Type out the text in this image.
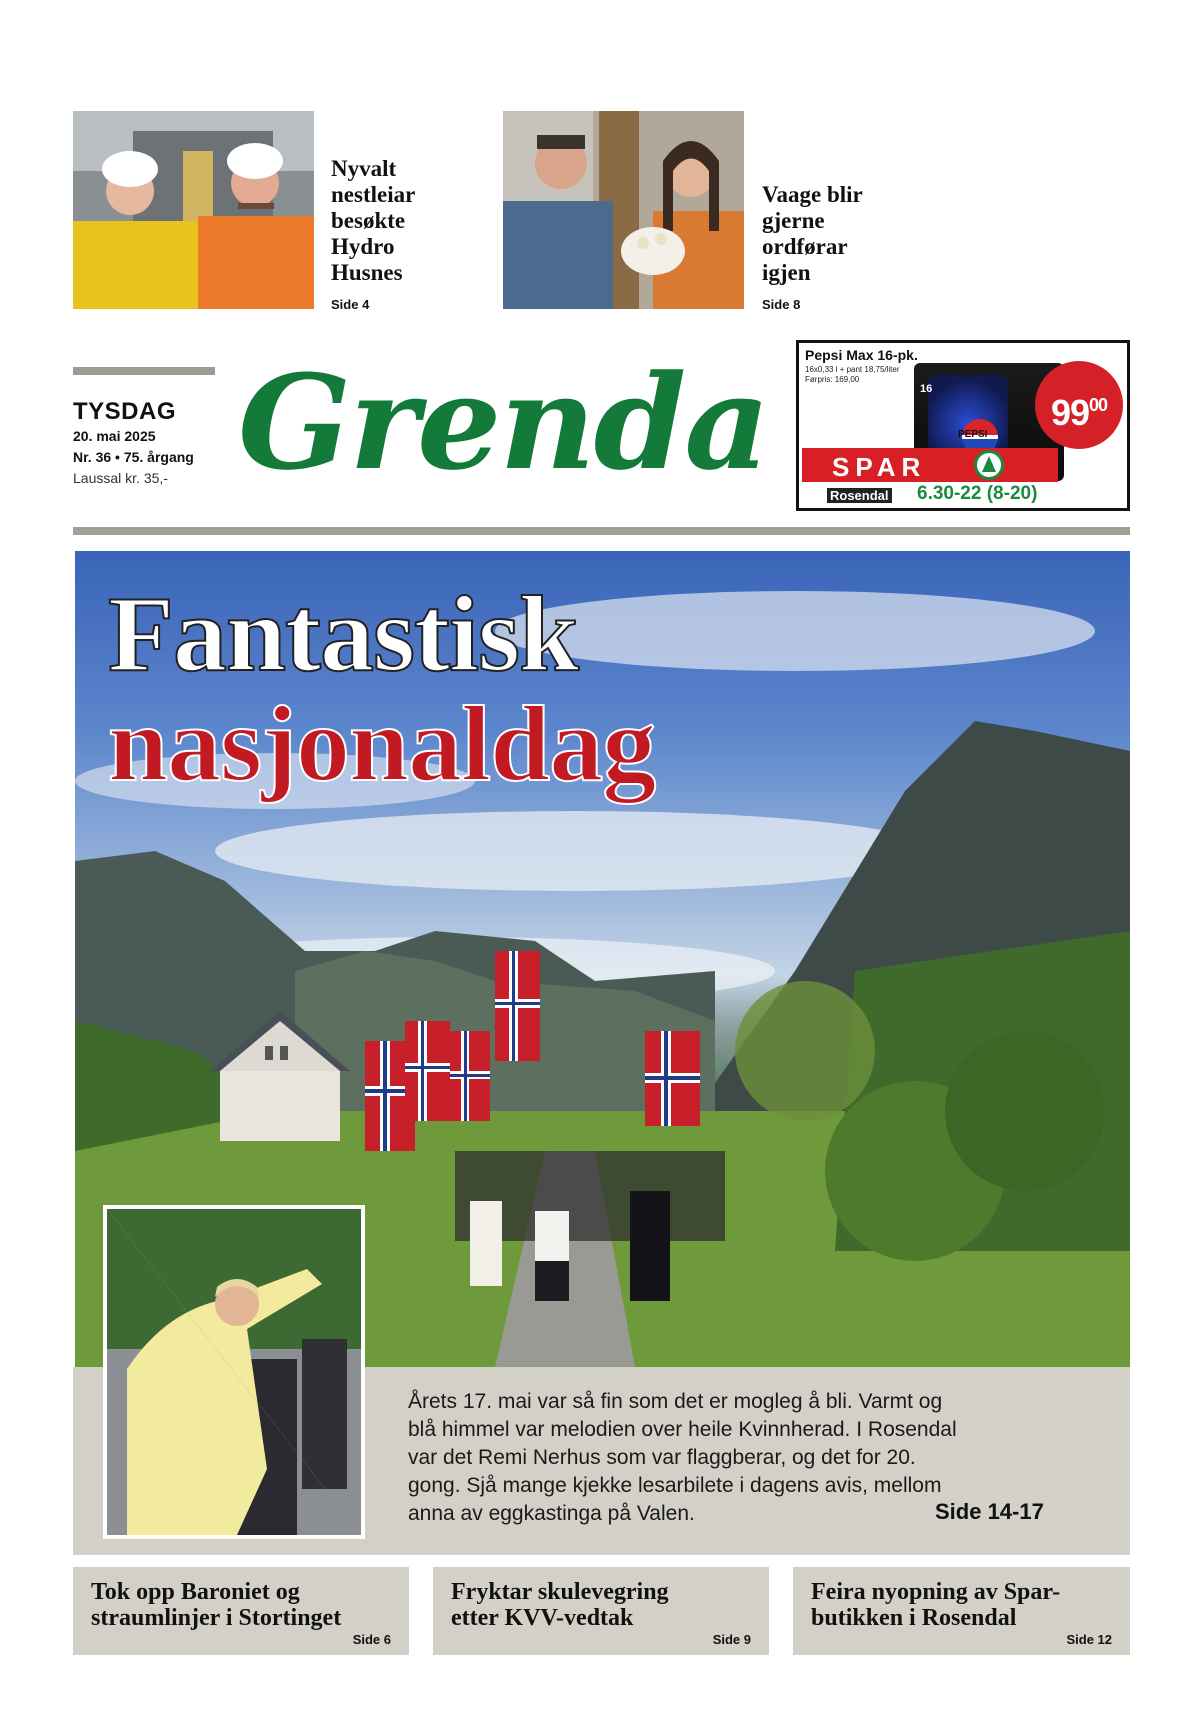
Nyvalt
nestleiar
besøkte
Hydro
Husnes
Side 4
Vaage blir
gjerne
ordførar
igjen
Side 8
TYSDAG
20. mai 2025
Nr. 36 • 75. årgang
Laussal kr. 35,- Grenda	Pepsi Max 16-pk.
16x0,33 l + pant 18,75/liter
Førpris: 169,00
16
PEPSI
$99^{00}$
SPAR
Rosendal 6.30-22 (8-20)
Fantastisk
nasjonaldag
Årets 17. mai var så fin som det er mogleg å bli. Varmt og blå himmel var melodien over heile Kvinnherad. I Rosendal var det Remi Nerhus som var flaggberar, og det for 20. gong. Sjå mange kjekke lesarbilete i dagens avis, mellom anna av eggkastinga på Valen.	Side 14-17
Tok opp Baroniet og
straumlinjer i Stortinget
Side 6
Fryktar skulevegring
etter KVV-vedtak
Side 9
Feira nyopning av Spar-
butikken i Rosendal
Side 12
